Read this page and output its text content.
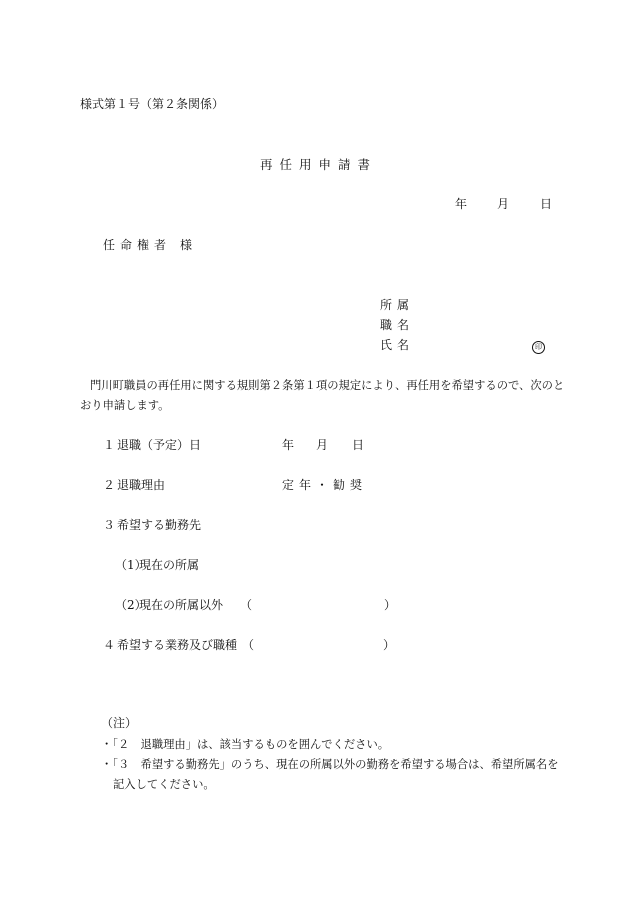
様式第１号（第２条関係）
再任用申請書
年 月	日
任命権者 様
所属
職名
氏名	印
門川町職員の再任用に関する規則第２条第１項の規定により、再任用を希望するので、次のと
おり申請します。
１ 退職（予定）日	年 月 日
２ 退職理由	定年・勧奨
３ 希望する勤務先
（1）
現在の所属
（2）
現在の所属以外 （	）
４ 希望する業務及び職種 （	）
（注）
・「２　退職理由」は、該当するものを囲んでください。
・「３　希望する勤務先」のうち、現在の所属以外の勤務を希望する場合は、希望所属名を
記入してください。
